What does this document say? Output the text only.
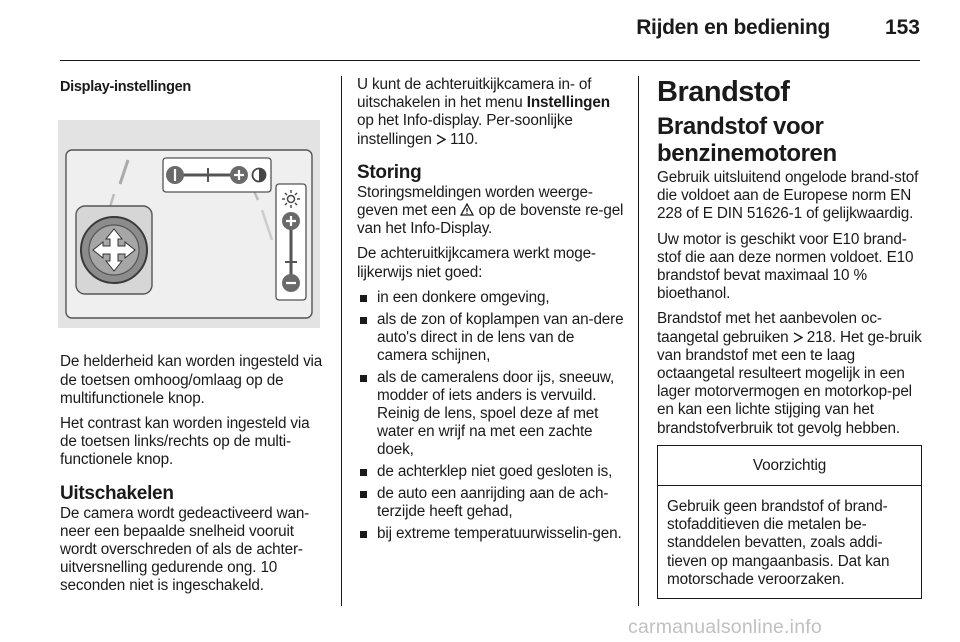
Rijden en bediening	153
Display-instellingen

De helderheid kan worden ingesteld via de toetsen omhoog/omlaag op de multifunctionele knop.

Het contrast kan worden ingesteld via de toetsen links/rechts op de multi-functionele knop.

Uitschakelen

De camera wordt gedeactiveerd wan-neer een bepaalde snelheid vooruit wordt overschreden of als de achter-uitversnelling gedurende ong. 10 seconden niet is ingeschakeld.

U kunt de achteruitkijkcamera in- of uitschakelen in het menu Instellingen op het Info-display. Per-soonlijke instellingen 110.

Storing

Storingsmeldingen worden weerge-geven met een op de bovenste re-gel van het Info-Display.

De achteruitkijkcamera werkt moge-lijkerwijs niet goed:

in een donkere omgeving,
als de zon of koplampen van an-dere auto's direct in de lens van de camera schijnen,
als de cameralens door ijs, sneeuw, modder of iets anders is vervuild. Reinig de lens, spoel deze af met water en wrijf na met een zachte doek,
de achterklep niet goed gesloten is,
de auto een aanrijding aan de ach-terzijde heeft gehad,
bij extreme temperatuurwisselin-gen.
Brandstof
Brandstof voor benzinemotoren

Gebruik uitsluitend ongelode brand-stof die voldoet aan de Europese norm EN 228 of E DIN 51626-1 of gelijkwaardig.

Uw motor is geschikt voor E10 brand-stof die aan deze normen voldoet. E10 brandstof bevat maximaal 10 % bioethanol.

Brandstof met het aanbevolen oc-taangetal gebruiken 218. Het ge-bruik van brandstof met een te laag octaangetal resulteert mogelijk in een lager motorvermogen en motorkop-pel en kan een lichte stijging van het brandstofverbruik tot gevolg hebben.

Voorzichtig
Gebruik geen brandstof of brand-stofadditieven die metalen be-standdelen bevatten, zoals addi-tieven op mangaanbasis. Dat kan motorschade veroorzaken.
carmanualsonline.info
